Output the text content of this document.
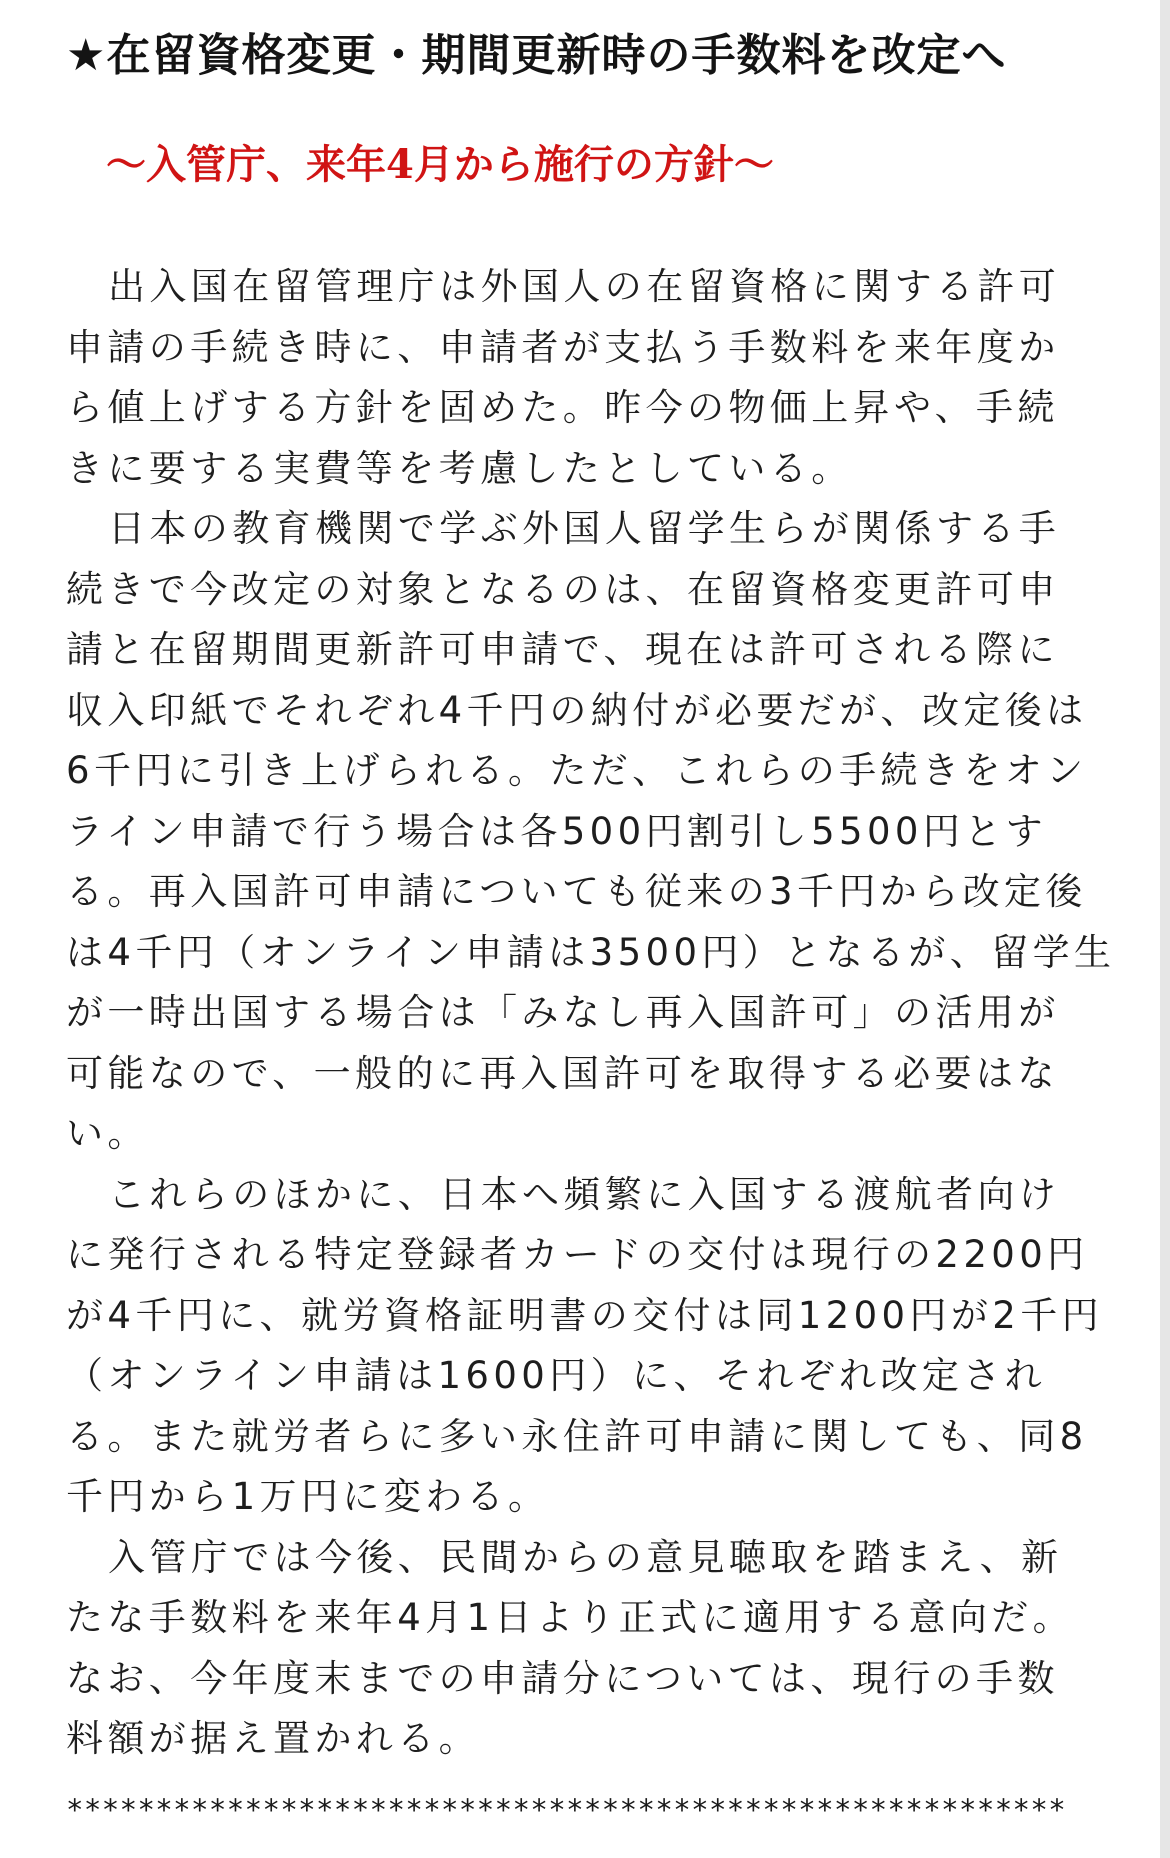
★在留資格変更・期間更新時の手数料を改定へ
〜入管庁、来年4月から施行の方針〜
出入国在留管理庁は外国人の在留資格に関する許可
申請の手続き時に、申請者が支払う手数料を来年度か
ら値上げする方針を固めた。昨今の物価上昇や、手続
きに要する実費等を考慮したとしている。
日本の教育機関で学ぶ外国人留学生らが関係する手
続きで今改定の対象となるのは、在留資格変更許可申
請と在留期間更新許可申請で、現在は許可される際に
収入印紙でそれぞれ4千円の納付が必要だが、改定後は
6千円に引き上げられる。ただ、これらの手続きをオン
ライン申請で行う場合は各500円割引し5500円とす
る。再入国許可申請についても従来の3千円から改定後
は4千円（オンライン申請は3500円）となるが、留学生
が一時出国する場合は「みなし再入国許可」の活用が
可能なので、一般的に再入国許可を取得する必要はな
い。
これらのほかに、日本へ頻繁に入国する渡航者向け
に発行される特定登録者カードの交付は現行の2200円
が4千円に、就労資格証明書の交付は同1200円が2千円
（オンライン申請は1600円）に、それぞれ改定され
る。また就労者らに多い永住許可申請に関しても、同8
千円から1万円に変わる。
入管庁では今後、民間からの意見聴取を踏まえ、新
たな手数料を来年4月1日より正式に適用する意向だ。
なお、今年度末までの申請分については、現行の手数
料額が据え置かれる。
********************************************************
